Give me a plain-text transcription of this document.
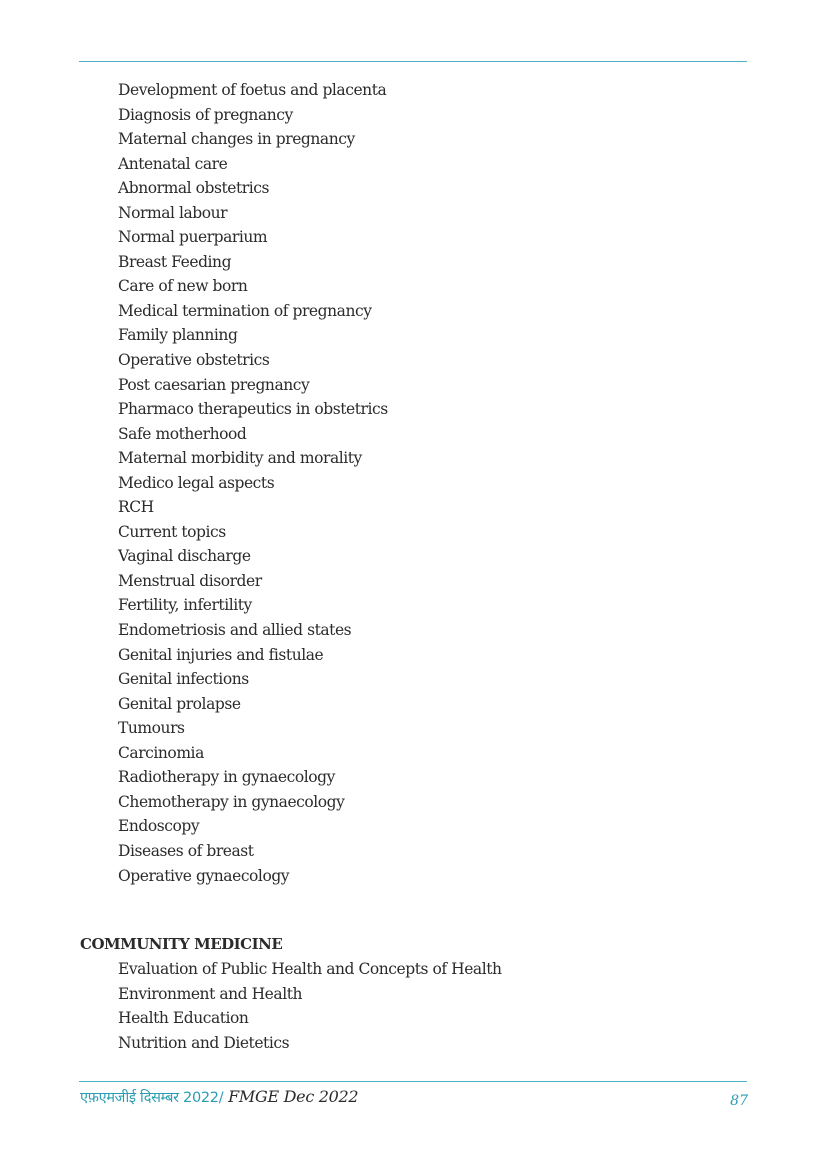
Development of foetus and placenta
Diagnosis of pregnancy
Maternal changes in pregnancy
Antenatal care
Abnormal obstetrics
Normal labour
Normal puerparium
Breast Feeding
Care of new born
Medical termination of pregnancy
Family planning
Operative obstetrics
Post caesarian pregnancy
Pharmaco therapeutics in obstetrics
Safe motherhood
Maternal morbidity and morality
Medico legal aspects
RCH
Current topics
Vaginal discharge
Menstrual disorder
Fertility, infertility
Endometriosis and allied states
Genital injuries and fistulae
Genital infections
Genital prolapse
Tumours
Carcinomia
Radiotherapy in gynaecology
Chemotherapy in gynaecology
Endoscopy
Diseases of breast
Operative gynaecology
COMMUNITY MEDICINE
Evaluation of Public Health and Concepts of Health
Environment and Health
Health Education
Nutrition and Dietetics
एफ़एमजीई दिसम्बर 2022/ FMGE Dec 2022	87
